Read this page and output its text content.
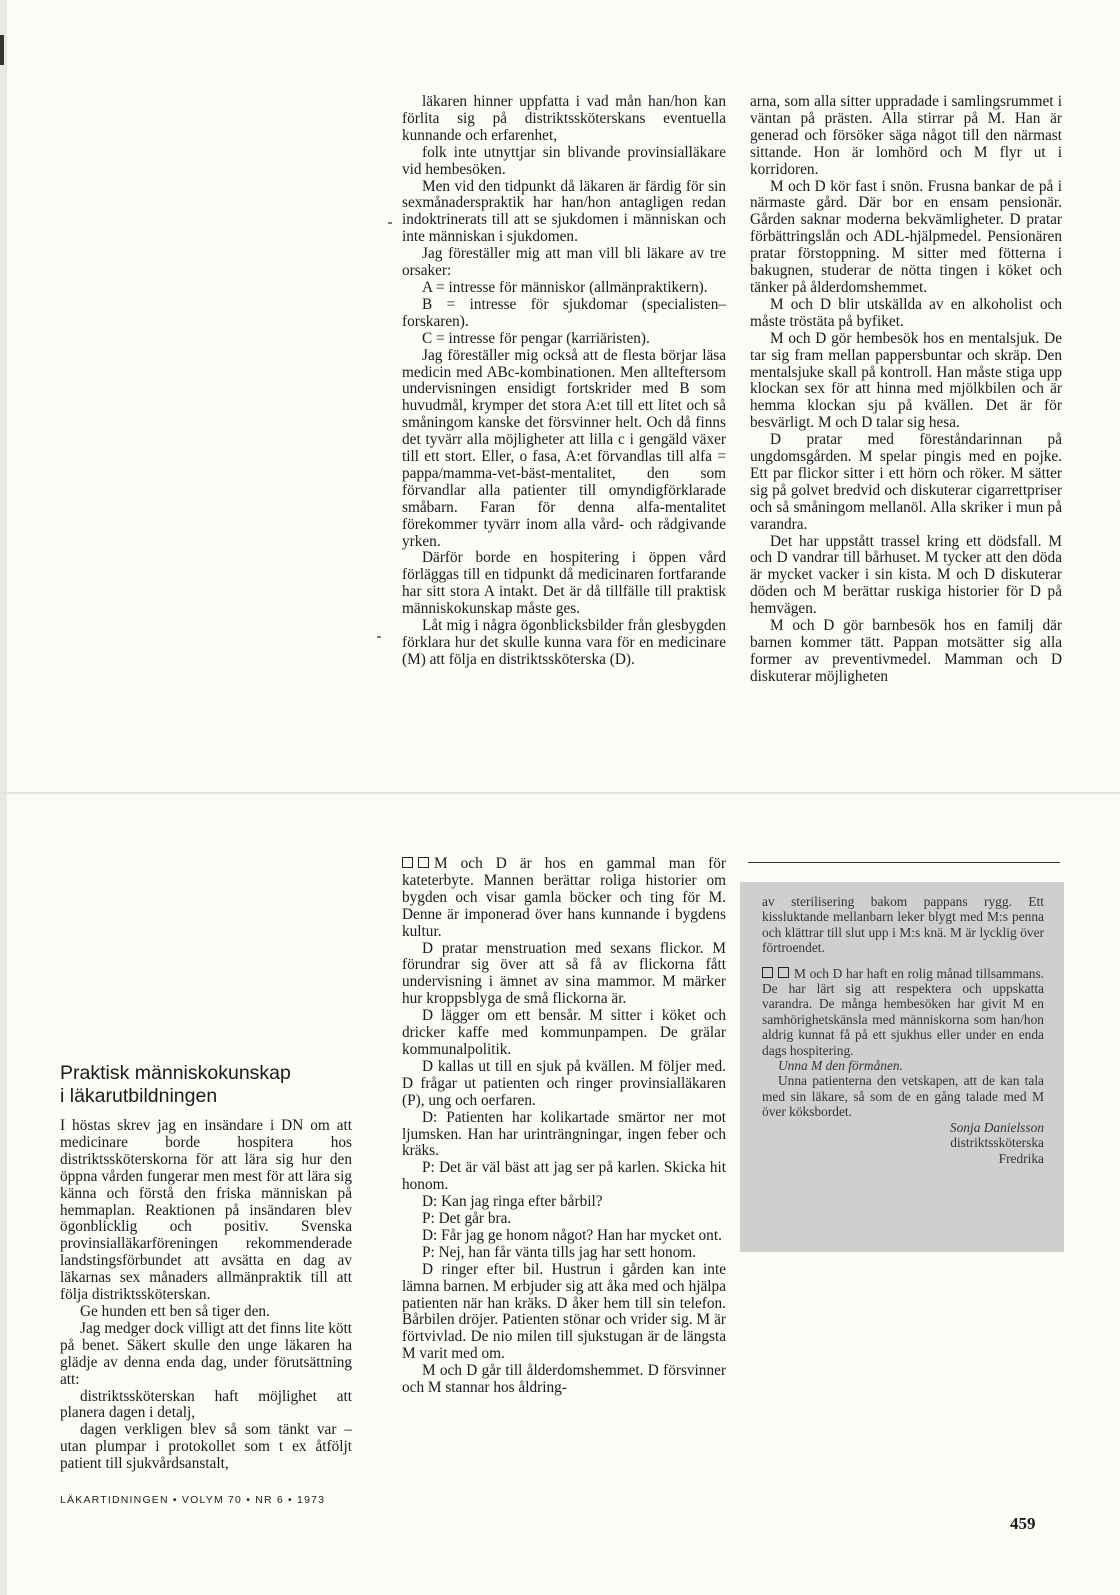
Praktisk människokunskap
i läkarutbildningen

I höstas skrev jag en insändare i DN om att medicinare borde hospitera hos distriktssköterskorna för att lära sig hur den öppna vården fungerar men mest för att lära sig känna och förstå den friska människan på hemmaplan. Reaktionen på insändaren blev ögonblicklig och positiv. Svenska provinsialläkarföreningen rekommenderade landstingsförbundet att avsätta en dag av läkarnas sex månaders allmänpraktik till att följa distriktssköterskan.

Ge hunden ett ben så tiger den.

Jag medger dock villigt att det finns lite kött på benet. Säkert skulle den unge läkaren ha glädje av denna enda dag, under förutsättning att:

distriktssköterskan haft möjlighet att planera dagen i detalj,

dagen verkligen blev så som tänkt var – utan plumpar i protokollet som t ex åtföljt patient till sjukvårdsanstalt,

läkaren hinner uppfatta i vad mån han/hon kan förlita sig på distriktssköterskans eventuella kunnande och erfarenhet,

folk inte utnyttjar sin blivande provinsialläkare vid hembesöken.

Men vid den tidpunkt då läkaren är färdig för sin sexmånaderspraktik har han/hon antagligen redan indoktrinerats till att se sjukdomen i människan och inte människan i sjukdomen.

Jag föreställer mig att man vill bli läkare av tre orsaker:

A = intresse för människor (allmänpraktikern).

B = intresse för sjukdomar (specialisten–forskaren).

C = intresse för pengar (karriäristen).

Jag föreställer mig också att de flesta börjar läsa medicin med ABc-kombinationen. Men allteftersom undervisningen ensidigt fortskrider med B som huvudmål, krymper det stora A:et till ett litet och så småningom kanske det försvinner helt. Och då finns det tyvärr alla möjligheter att lilla c i gengäld växer till ett stort. Eller, o fasa, A:et förvandlas till alfa = pappa/mamma-vet-bäst-mentalitet, den som förvandlar alla patienter till omyndigförklarade småbarn. Faran för denna alfa-mentalitet förekommer tyvärr inom alla vård- och rådgivande yrken.

Därför borde en hospitering i öppen vård förläggas till en tidpunkt då medicinaren fortfarande har sitt stora A intakt. Det är då tillfälle till praktisk människokunskap måste ges.

Låt mig i några ögonblicksbilder från glesbygden förklara hur det skulle kunna vara för en medicinare (M) att följa en distriktssköterska (D).

M och D är hos en gammal man för kateterbyte. Mannen berättar roliga historier om bygden och visar gamla böcker och ting för M. Denne är imponerad över hans kunnande i bygdens kultur.

D pratar menstruation med sexans flickor. M förundrar sig över att så få av flickorna fått undervisning i ämnet av sina mammor. M märker hur kroppsblyga de små flickorna är.

D lägger om ett bensår. M sitter i köket och dricker kaffe med kommunpampen. De grälar kommunalpolitik.

D kallas ut till en sjuk på kvällen. M följer med. D frågar ut patienten och ringer provinsialläkaren (P), ung och oerfaren.

D: Patienten har kolikartade smärtor ner mot ljumsken. Han har urinträngningar, ingen feber och kräks.

P: Det är väl bäst att jag ser på karlen. Skicka hit honom.

D: Kan jag ringa efter bårbil?

P: Det går bra.

D: Får jag ge honom något? Han har mycket ont.

P: Nej, han får vänta tills jag har sett honom.

D ringer efter bil. Hustrun i gården kan inte lämna barnen. M erbjuder sig att åka med och hjälpa patienten när han kräks. D åker hem till sin telefon. Bårbilen dröjer. Patienten stönar och vrider sig. M är förtvivlad. De nio milen till sjukstugan är de längsta M varit med om.

M och D går till ålderdomshemmet. D försvinner och M stannar hos åldring-

arna, som alla sitter uppradade i samlingsrummet i väntan på prästen. Alla stirrar på M. Han är generad och försöker säga något till den närmast sittande. Hon är lomhörd och M flyr ut i korridoren.

M och D kör fast i snön. Frusna bankar de på i närmaste gård. Där bor en ensam pensionär. Gården saknar moderna bekvämligheter. D pratar förbättringslån och ADL-hjälpmedel. Pensionären pratar förstoppning. M sitter med fötterna i bakugnen, studerar de nötta tingen i köket och tänker på ålderdomshemmet.

M och D blir utskällda av en alkoholist och måste tröstäta på byfiket.

M och D gör hembesök hos en mentalsjuk. De tar sig fram mellan pappersbuntar och skräp. Den mentalsjuke skall på kontroll. Han måste stiga upp klockan sex för att hinna med mjölkbilen och är hemma klockan sju på kvällen. Det är för besvärligt. M och D talar sig hesa.

D pratar med föreståndarinnan på ungdomsgården. M spelar pingis med en pojke. Ett par flickor sitter i ett hörn och röker. M sätter sig på golvet bredvid och diskuterar cigarrettpriser och så småningom mellanöl. Alla skriker i mun på varandra.

Det har uppstått trassel kring ett dödsfall. M och D vandrar till bårhuset. M tycker att den döda är mycket vacker i sin kista. M och D diskuterar döden och M berättar ruskiga historier för D på hemvägen.

M och D gör barnbesök hos en familj där barnen kommer tätt. Pappan motsätter sig alla former av preventivmedel. Mamman och D diskuterar möjligheten

av sterilisering bakom pappans rygg. Ett kissluktande mellanbarn leker blygt med M:s penna och klättrar till slut upp i M:s knä. M är lycklig över förtroendet.

M och D har haft en rolig månad tillsammans. De har lärt sig att respektera och uppskatta varandra. De många hembesöken har givit M en samhörighetskänsla med människorna som han/hon aldrig kunnat få på ett sjukhus eller under en enda dags hospitering.

Unna M den förmånen.

Unna patienterna den vetskapen, att de kan tala med sin läkare, så som de en gång talade med M över köksbordet.

Sonja Danielsson

distriktssköterska

Fredrika

LÄKARTIDNINGEN • VOLYM 70 • NR 6 • 1973
459
